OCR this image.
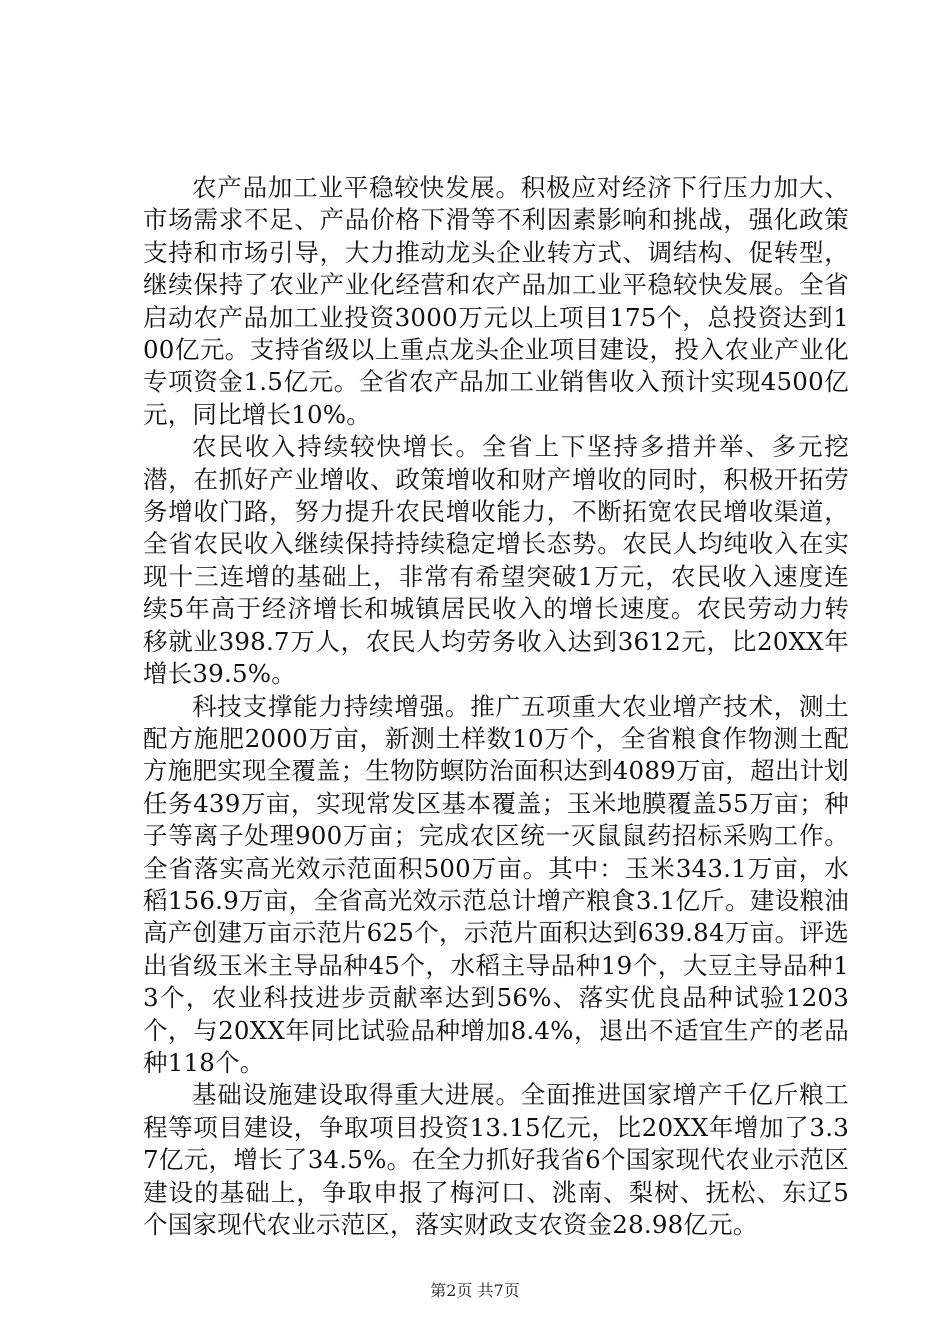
农产品加工业平稳较快发展。积极应对经济下行压力加大、市场需求不足、产品价格下滑等不利因素影响和挑战，强化政策支持和市场引导，大力推动龙头企业转方式、调结构、促转型，继续保持了农业产业化经营和农产品加工业平稳较快发展。全省启动农产品加工业投资3000万元以上项目175个，总投资达到100亿元。支持省级以上重点龙头企业项目建设，投入农业产业化专项资金1.5亿元。全省农产品加工业销售收入预计实现4500亿元，同比增长10%。

农民收入持续较快增长。全省上下坚持多措并举、多元挖潜，在抓好产业增收、政策增收和财产增收的同时，积极开拓劳务增收门路，努力提升农民增收能力，不断拓宽农民增收渠道，全省农民收入继续保持持续稳定增长态势。农民人均纯收入在实现十三连增的基础上，非常有希望突破1万元，农民收入速度连续5年高于经济增长和城镇居民收入的增长速度。农民劳动力转移就业398.7万人，农民人均劳务收入达到3612元，比20XX年增长39.5%。

科技支撑能力持续增强。推广五项重大农业增产技术，测土配方施肥2000万亩，新测土样数10万个，全省粮食作物测土配方施肥实现全覆盖；生物防螟防治面积达到4089万亩，超出计划任务439万亩，实现常发区基本覆盖；玉米地膜覆盖55万亩；种子等离子处理900万亩；完成农区统一灭鼠鼠药招标采购工作。全省落实高光效示范面积500万亩。其中：玉米343.1万亩，水稻156.9万亩，全省高光效示范总计增产粮食3.1亿斤。建设粮油高产创建万亩示范片625个，示范片面积达到639.84万亩。评选出省级玉米主导品种45个，水稻主导品种19个，大豆主导品种13个，农业科技进步贡献率达到56%、落实优良品种试验1203个，与20XX年同比试验品种增加8.4%，退出不适宜生产的老品种118个。

基础设施建设取得重大进展。全面推进国家增产千亿斤粮工程等项目建设，争取项目投资13.15亿元，比20XX年增加了3.37亿元，增长了34.5%。在全力抓好我省6个国家现代农业示范区建设的基础上，争取申报了梅河口、洮南、梨树、抚松、东辽5个国家现代农业示范区，落实财政支农资金28.98亿元。

第2页 共7页
